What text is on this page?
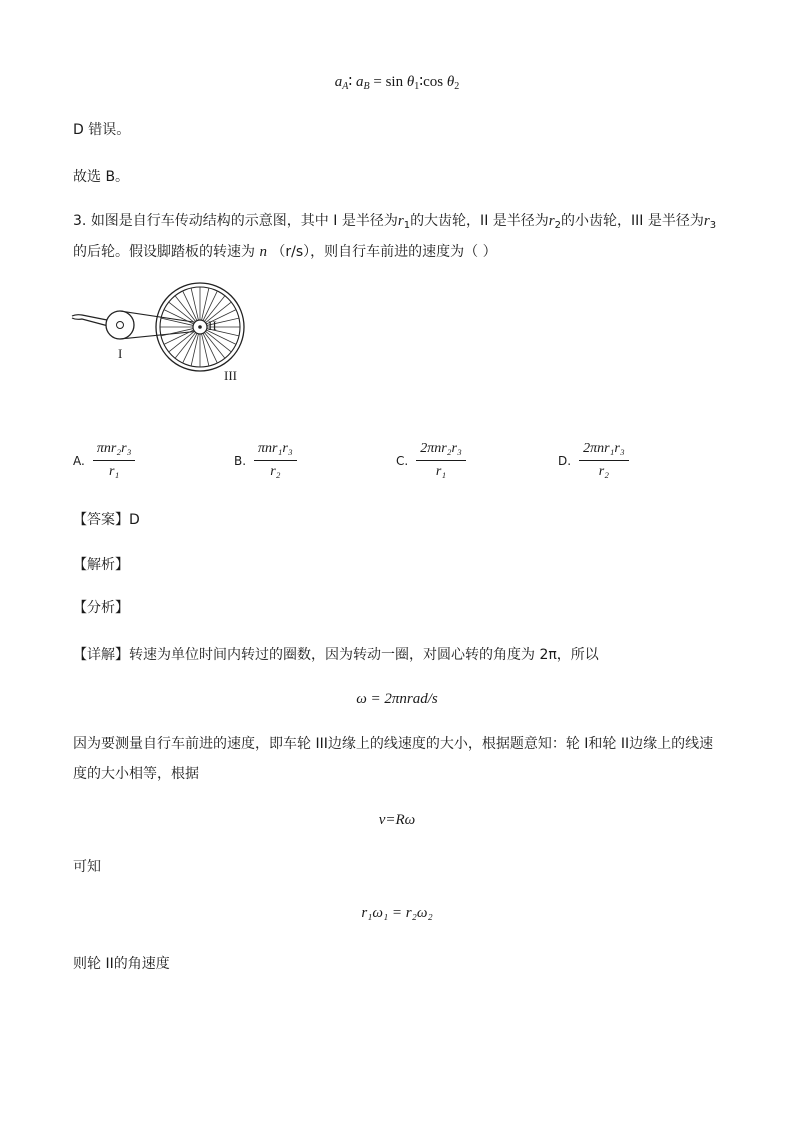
$a_A∶$ $a_B = \sin$ $\theta_1∶\cos$ $\theta_2$
D 错误。
故选 B。
3. 如图是自行车传动结构的示意图，其中 I 是半径为$r_1$的大齿轮，II 是半径为$r_2$的小齿轮，III 是半径为$r_3$
的后轮。假设脚踏板的转速为 n （r/s），则自行车前进的速度为（ ）
I
II
III
A. $\frac{\text{πnr₂r₃}}{\text{r₁}}$	B. $\frac{\text{πnr₁r₃}}{\text{r₂}}$	C. $\frac{\text{2πnr₂r₃}}{\text{r₁}}$	D. $\frac{\text{2πnr₁r₃}}{\text{r₂}}$
【答案】D
【解析】
【分析】
【详解】转速为单位时间内转过的圈数，因为转动一圈，对圆心转的角度为 2π，所以
ω = 2πnrad/s
因为要测量自行车前进的速度，即车轮 III边缘上的线速度的大小，根据题意知：轮 I和轮 II边缘上的线速
度的大小相等，根据
v=Rω
可知
r₁ω₁ = r₂ω₂
则轮 II的角速度
